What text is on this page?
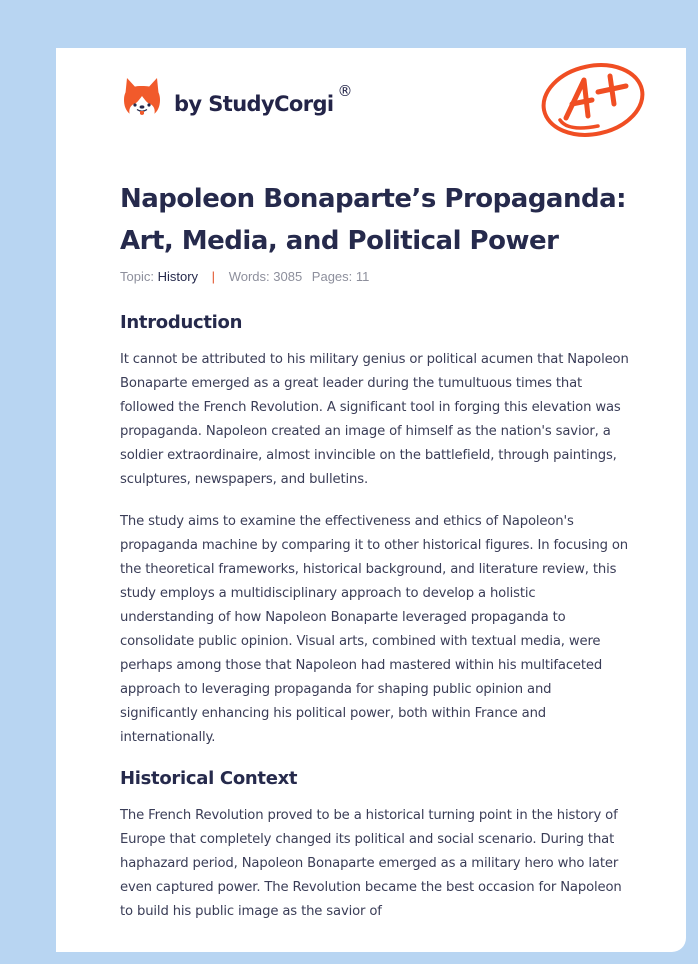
by StudyCorgi
®
Napoleon Bonaparte’s Propaganda: Art, Media, and Political Power
Topic: History | Words: 3085 Pages: 11
Introduction

It cannot be attributed to his military genius or political acumen that Napoleon Bonaparte emerged as a great leader during the tumultuous times that followed the French Revolution. A significant tool in forging this elevation was propaganda. Napoleon created an image of himself as the nation's savior, a soldier extraordinaire, almost invincible on the battlefield, through paintings, sculptures, newspapers, and bulletins.

The study aims to examine the effectiveness and ethics of Napoleon's propaganda machine by comparing it to other historical figures. In focusing on the theoretical frameworks, historical background, and literature review, this study employs a multidisciplinary approach to develop a holistic understanding of how Napoleon Bonaparte leveraged propaganda to consolidate public opinion. Visual arts, combined with textual media, were perhaps among those that Napoleon had mastered within his multifaceted approach to leveraging propaganda for shaping public opinion and significantly enhancing his political power, both within France and internationally.

Historical Context

The French Revolution proved to be a historical turning point in the history of Europe that completely changed its political and social scenario. During that haphazard period, Napoleon Bonaparte emerged as a military hero who later even captured power. The Revolution became the best occasion for Napoleon to build his public image as the savior of
